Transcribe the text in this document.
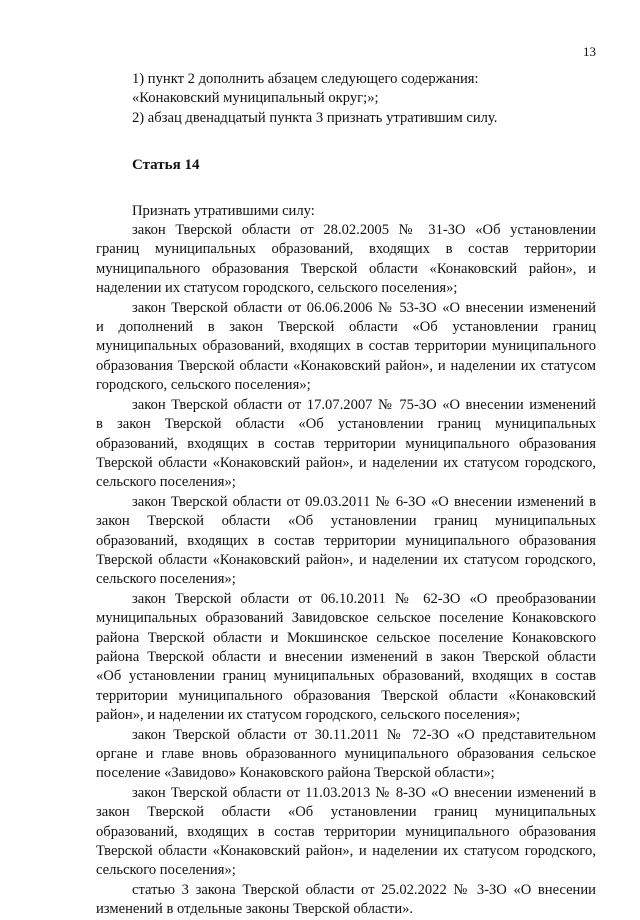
13
1) пункт 2 дополнить абзацем следующего содержания:
«Конаковский муниципальный округ;»;
2) абзац двенадцатый пункта 3 признать утратившим силу.
Статья 14
Признать утратившими силу:
закон Тверской области от 28.02.2005 № 31-ЗО «Об установлении
границ муниципальных образований, входящих в состав территории
муниципального образования Тверской области «Конаковский район», и
наделении их статусом городского, сельского поселения»;
закон Тверской области от 06.06.2006 № 53-ЗО «О внесении изменений
и дополнений в закон Тверской области «Об установлении границ
муниципальных образований, входящих в состав территории муниципального
образования Тверской области «Конаковский район», и наделении их статусом
городского, сельского поселения»;
закон Тверской области от 17.07.2007 № 75-ЗО «О внесении изменений
в закон Тверской области «Об установлении границ муниципальных
образований, входящих в состав территории муниципального образования
Тверской области «Конаковский район», и наделении их статусом городского,
сельского поселения»;
закон Тверской области от 09.03.2011 № 6-ЗО «О внесении изменений в
закон Тверской области «Об установлении границ муниципальных
образований, входящих в состав территории муниципального образования
Тверской области «Конаковский район», и наделении их статусом городского,
сельского поселения»;
закон Тверской области от 06.10.2011 № 62-ЗО «О преобразовании
муниципальных образований Завидовское сельское поселение Конаковского
района Тверской области и Мокшинское сельское поселение Конаковского
района Тверской области и внесении изменений в закон Тверской области
«Об установлении границ муниципальных образований, входящих в состав
территории муниципального образования Тверской области «Конаковский
район», и наделении их статусом городского, сельского поселения»;
закон Тверской области от 30.11.2011 № 72-ЗО «О представительном
органе и главе вновь образованного муниципального образования сельское
поселение «Завидово» Конаковского района Тверской области»;
закон Тверской области от 11.03.2013 № 8-ЗО «О внесении изменений в
закон Тверской области «Об установлении границ муниципальных
образований, входящих в состав территории муниципального образования
Тверской области «Конаковский район», и наделении их статусом городского,
сельского поселения»;
статью 3 закона Тверской области от 25.02.2022 № 3-ЗО «О внесении
изменений в отдельные законы Тверской области».
